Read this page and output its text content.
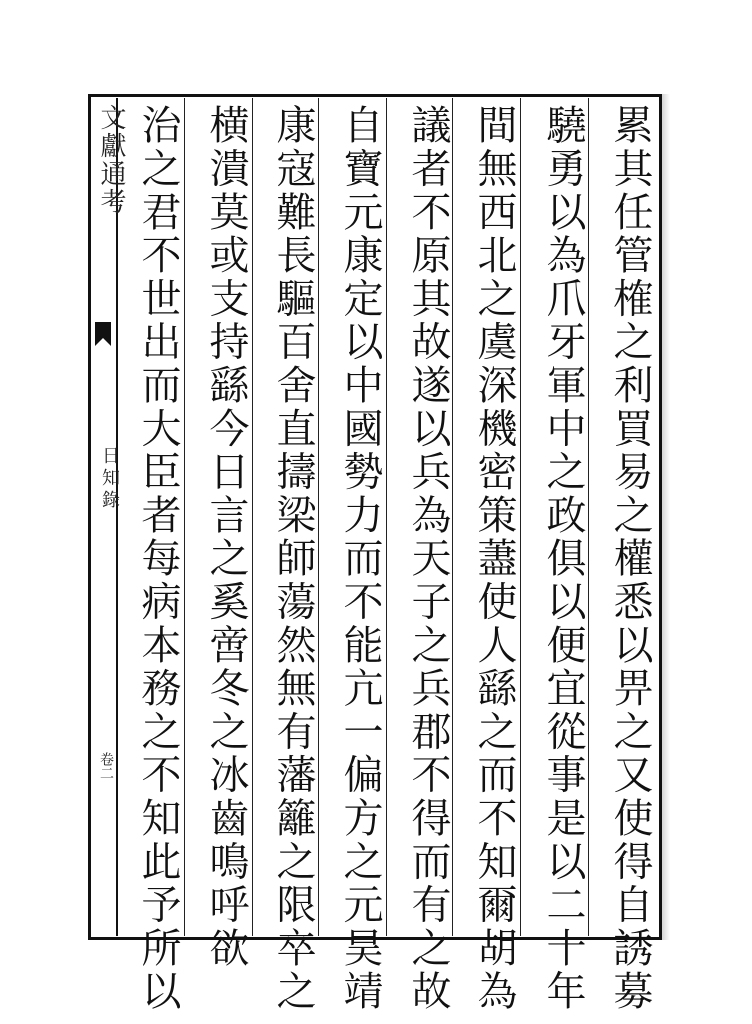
文獻通考
日知錄
卷二	累其任管榷之利買易之權悉以畀之又使得自誘募
驍勇以為爪牙軍中之政俱以便宜從事是以二十年
間無西北之虞深機密策藎使人繇之而不知爾胡為
議者不原其故遂以兵為天子之兵郡不得而有之故
自寶元康定以中國勢力而不能亢一偏方之元昊靖
康寇難長驅百舍直擣梁師蕩然無有藩籬之限卒之
横潰莫或支持繇今日言之奚啻冬之冰齒鳴呼欲
治之君不世出而大臣者每病本務之不知此予所以
